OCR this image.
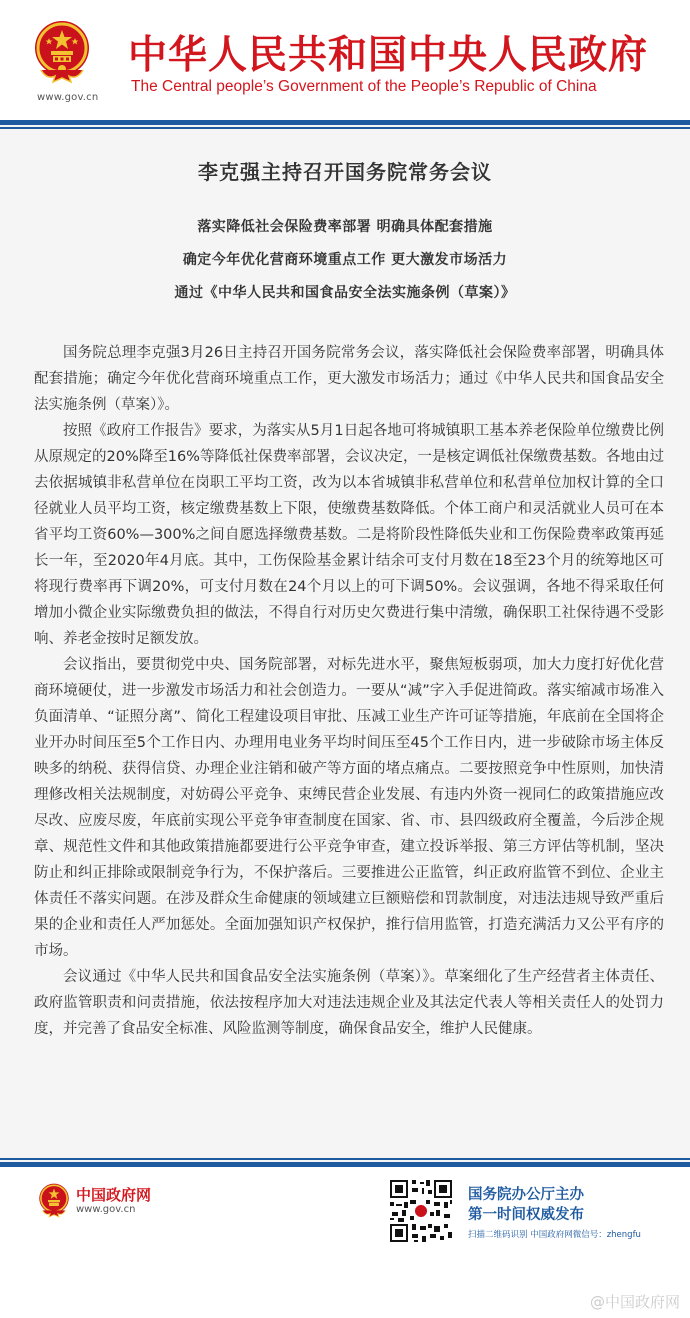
www.gov.cn
中华人民共和国中央人民政府
The Central people’s Government of the People’s Republic of China
李克强主持召开国务院常务会议
落实降低社会保险费率部署 明确具体配套措施
确定今年优化营商环境重点工作 更大激发市场活力
通过《中华人民共和国食品安全法实施条例（草案）》

国务院总理李克强3月26日主持召开国务院常务会议，落实降低社会保险费率部署，明确具体配套措施；确定今年优化营商环境重点工作，更大激发市场活力；通过《中华人民共和国食品安全法实施条例（草案）》。

按照《政府工作报告》要求，为落实从5月1日起各地可将城镇职工基本养老保险单位缴费比例从原规定的20%降至16%等降低社保费率部署，会议决定，一是核定调低社保缴费基数。各地由过去依据城镇非私营单位在岗职工平均工资，改为以本省城镇非私营单位和私营单位加权计算的全口径就业人员平均工资，核定缴费基数上下限，使缴费基数降低。个体工商户和灵活就业人员可在本省平均工资60%—300%之间自愿选择缴费基数。二是将阶段性降低失业和工伤保险费率政策再延长一年，至2020年4月底。其中，工伤保险基金累计结余可支付月数在18至23个月的统筹地区可将现行费率再下调20%，可支付月数在24个月以上的可下调50%。会议强调，各地不得采取任何增加小微企业实际缴费负担的做法，不得自行对历史欠费进行集中清缴，确保职工社保待遇不受影响、养老金按时足额发放。

会议指出，要贯彻党中央、国务院部署，对标先进水平，聚焦短板弱项，加大力度打好优化营商环境硬仗，进一步激发市场活力和社会创造力。一要从“减”字入手促进简政。落实缩减市场准入负面清单、“证照分离”、简化工程建设项目审批、压减工业生产许可证等措施，年底前在全国将企业开办时间压至5个工作日内、办理用电业务平均时间压至45个工作日内，进一步破除市场主体反映多的纳税、获得信贷、办理企业注销和破产等方面的堵点痛点。二要按照竞争中性原则，加快清理修改相关法规制度，对妨碍公平竞争、束缚民营企业发展、有违内外资一视同仁的政策措施应改尽改、应废尽废，年底前实现公平竞争审查制度在国家、省、市、县四级政府全覆盖，今后涉企规章、规范性文件和其他政策措施都要进行公平竞争审查，建立投诉举报、第三方评估等机制，坚决防止和纠正排除或限制竞争行为，不保护落后。三要推进公正监管，纠正政府监管不到位、企业主体责任不落实问题。在涉及群众生命健康的领域建立巨额赔偿和罚款制度，对违法违规导致严重后果的企业和责任人严加惩处。全面加强知识产权保护，推行信用监管，打造充满活力又公平有序的市场。

会议通过《中华人民共和国食品安全法实施条例（草案）》。草案细化了生产经营者主体责任、政府监管职责和问责措施，依法按程序加大对违法违规企业及其法定代表人等相关责任人的处罚力度，并完善了食品安全标准、风险监测等制度，确保食品安全，维护人民健康。

中国政府网
www.gov.cn
国务院办公厅主办
第一时间权威发布
扫描二维码识别 中国政府网微信号：zhengfu
@中国政府网
